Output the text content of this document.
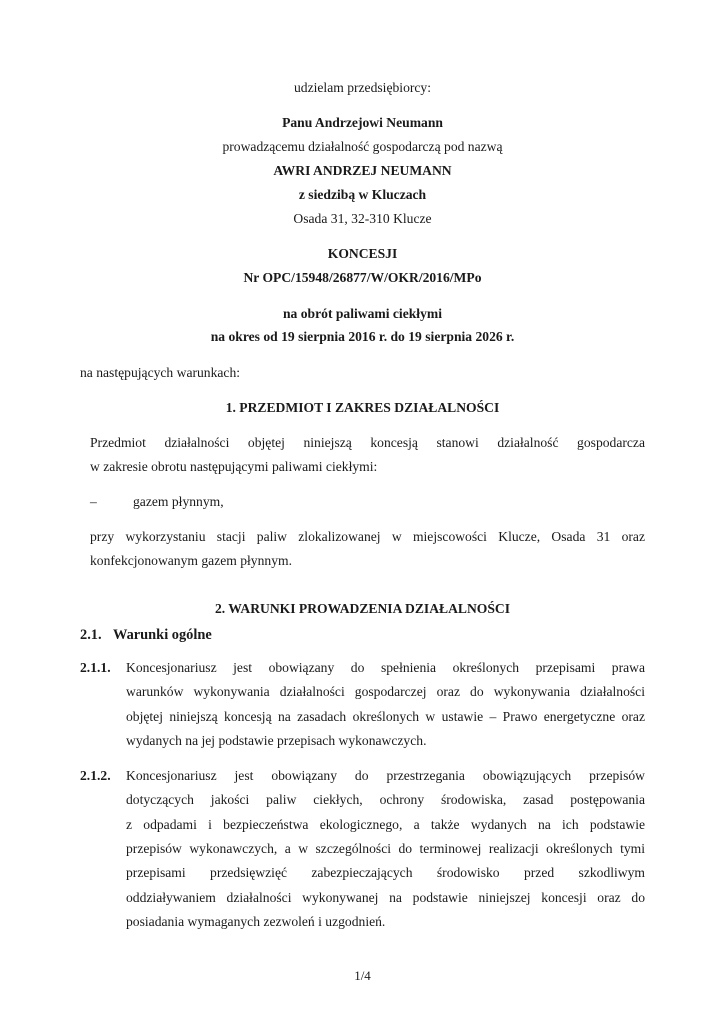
udzielam przedsiębiorcy:
Panu Andrzejowi Neumann
prowadzącemu działalność gospodarczą pod nazwą
AWRI ANDRZEJ NEUMANN
z siedzibą w Kluczach
Osada 31, 32-310 Klucze
KONCESJI
Nr OPC/15948/26877/W/OKR/2016/MPo
na obrót paliwami ciekłymi
na okres od 19 sierpnia 2016 r. do 19 sierpnia 2026 r.
na następujących warunkach:
1. PRZEDMIOT I ZAKRES DZIAŁALNOŚCI
Przedmiot działalności objętej niniejszą koncesją stanowi działalność gospodarcza
w zakresie obrotu następującymi paliwami ciekłymi:
–	gazem płynnym,
przy wykorzystaniu stacji paliw zlokalizowanej w miejscowości Klucze, Osada 31 oraz
konfekcjonowanym gazem płynnym.
2. WARUNKI PROWADZENIA DZIAŁALNOŚCI
2.1. Warunki ogólne
2.1.1. Koncesjonariusz jest obowiązany do spełnienia określonych przepisami prawa
warunków wykonywania działalności gospodarczej oraz do wykonywania działalności
objętej niniejszą koncesją na zasadach określonych w ustawie – Prawo energetyczne oraz
wydanych na jej podstawie przepisach wykonawczych.
2.1.2. Koncesjonariusz jest obowiązany do przestrzegania obowiązujących przepisów
dotyczących jakości paliw ciekłych, ochrony środowiska, zasad postępowania
z odpadami i bezpieczeństwa ekologicznego, a także wydanych na ich podstawie
przepisów wykonawczych, a w szczególności do terminowej realizacji określonych tymi
przepisami przedsięwzięć zabezpieczających środowisko przed szkodliwym
oddziaływaniem działalności wykonywanej na podstawie niniejszej koncesji oraz do
posiadania wymaganych zezwoleń i uzgodnień.
1/4
